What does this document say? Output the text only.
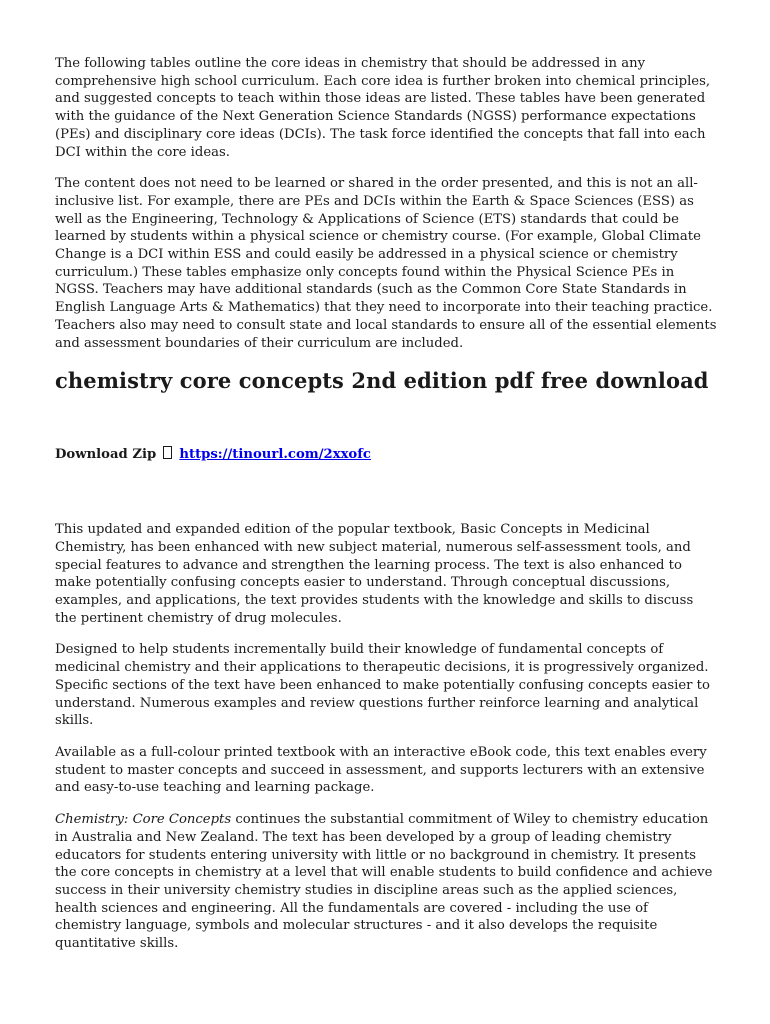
The following tables outline the core ideas in chemistry that should be addressed in any comprehensive high school curriculum. Each core idea is further broken into chemical principles, and suggested concepts to teach within those ideas are listed. These tables have been generated with the guidance of the Next Generation Science Standards (NGSS) performance expectations (PEs) and disciplinary core ideas (DCIs). The task force identified the concepts that fall into each DCI within the core ideas.

The content does not need to be learned or shared in the order presented, and this is not an all-inclusive list. For example, there are PEs and DCIs within the Earth & Space Sciences (ESS) as well as the Engineering, Technology & Applications of Science (ETS) standards that could be learned by students within a physical science or chemistry course. (For example, Global Climate Change is a DCI within ESS and could easily be addressed in a physical science or chemistry curriculum.) These tables emphasize only concepts found within the Physical Science PEs in NGSS. Teachers may have additional standards (such as the Common Core State Standards in English Language Arts & Mathematics) that they need to incorporate into their teaching practice. Teachers also may need to consult state and local standards to ensure all of the essential elements and assessment boundaries of their curriculum are included.

chemistry core concepts 2nd edition pdf free download
Download Zip https://tinourl.com/2xxofc

This updated and expanded edition of the popular textbook, Basic Concepts in Medicinal Chemistry, has been enhanced with new subject material, numerous self-assessment tools, and special features to advance and strengthen the learning process. The text is also enhanced to make potentially confusing concepts easier to understand. Through conceptual discussions, examples, and applications, the text provides students with the knowledge and skills to discuss the pertinent chemistry of drug molecules.

Designed to help students incrementally build their knowledge of fundamental concepts of medicinal chemistry and their applications to therapeutic decisions, it is progressively organized. Specific sections of the text have been enhanced to make potentially confusing concepts easier to understand. Numerous examples and review questions further reinforce learning and analytical skills.

Available as a full-colour printed textbook with an interactive eBook code, this text enables every student to master concepts and succeed in assessment, and supports lecturers with an extensive and easy-to-use teaching and learning package.

Chemistry: Core Concepts continues the substantial commitment of Wiley to chemistry education in Australia and New Zealand. The text has been developed by a group of leading chemistry educators for students entering university with little or no background in chemistry. It presents the core concepts in chemistry at a level that will enable students to build confidence and achieve success in their university chemistry studies in discipline areas such as the applied sciences, health sciences and engineering. All the fundamentals are covered - including the use of chemistry language, symbols and molecular structures - and it also develops the requisite quantitative skills.
